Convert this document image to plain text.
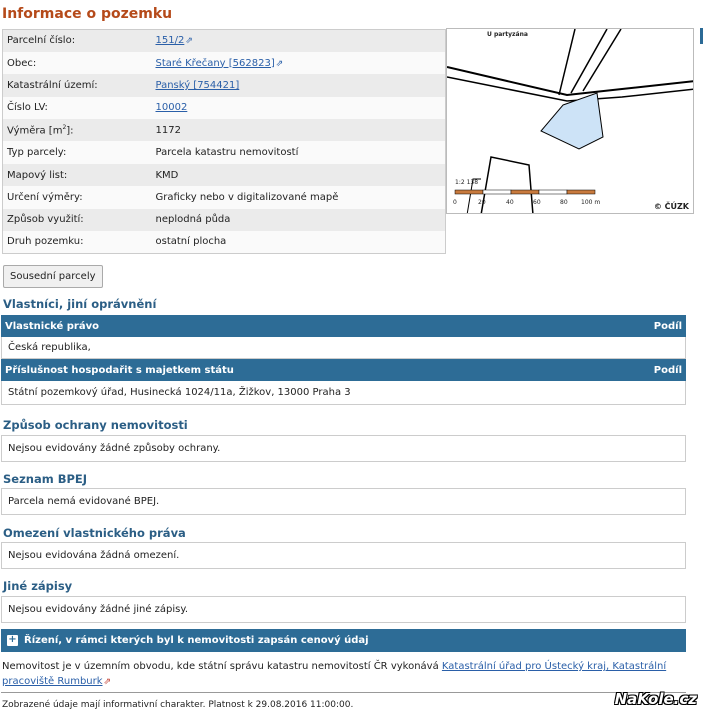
Informace o pozemku
Parcelní číslo:	151/2⇗
Obec:	Staré Křečany [562823]⇗
Katastrální území:	Panský [754421]
Číslo LV:	10002
Výměra $[m^2]$:	1172
Typ parcely:	Parcela katastru nemovitostí
Mapový list:	KMD
Určení výměry:	Graficky nebo v digitalizované mapě
Způsob využití:	neplodná půda
Druh pozemku:	ostatní plocha
U partyzána
1:2 138
0	20	40	60	80 100 m	© ČÚZK
Sousední parcely
Vlastníci, jiní oprávnění
Vlastnické právo	Podíl
Česká republika,
Příslušnost hospodařit s majetkem státu	Podíl
Státní pozemkový úřad, Husinecká 1024/11a, Žižkov, 13000 Praha 3
Způsob ochrany nemovitosti
Nejsou evidovány žádné způsoby ochrany.
Seznam BPEJ
Parcela nemá evidované BPEJ.
Omezení vlastnického práva
Nejsou evidována žádná omezení.
Jiné zápisy
Nejsou evidovány žádné jiné zápisy.
+ Řízení, v rámci kterých byl k nemovitosti zapsán cenový údaj
Nemovitost je v územním obvodu, kde státní správu katastru nemovitostí ČR vykonává Katastrální úřad pro Ústecký kraj, Katastrální pracoviště Rumburk⇗
Zobrazené údaje mají informativní charakter. Platnost k 29.08.2016 11:00:00.	NaKole.cz
